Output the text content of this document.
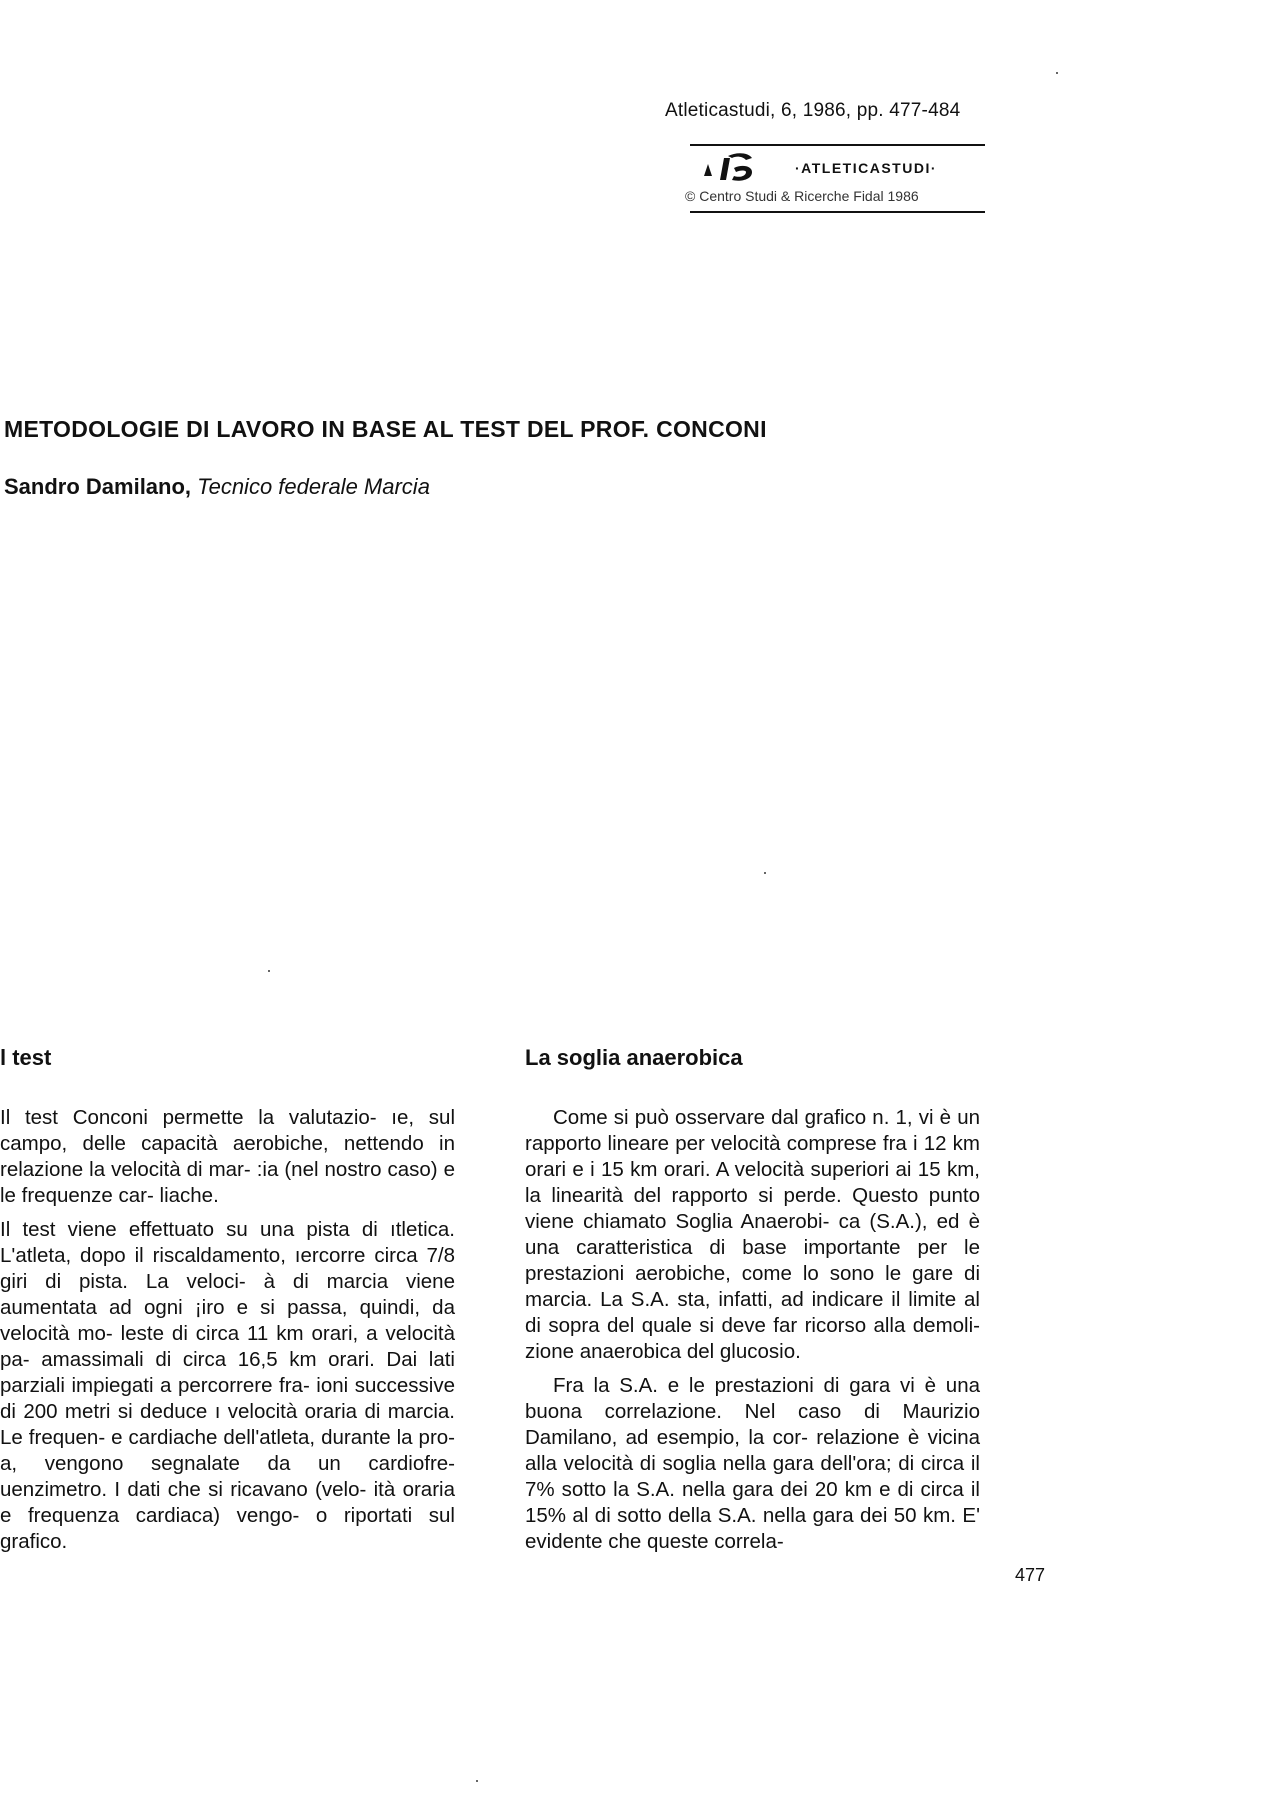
Atleticastudi, 6, 1986, pp. 477-484
·ATLETICASTUDI·
© Centro Studi & Ricerche Fidal 1986
METODOLOGIE DI LAVORO IN BASE AL TEST DEL PROF. CONCONI
Sandro Damilano, Tecnico federale Marcia
l test

Il test Conconi permette la valutazio- ıe, sul campo, delle capacità aerobiche, nettendo in relazione la velocità di mar- :ia (nel nostro caso) e le frequenze car- liache.

Il test viene effettuato su una pista di ıtletica. L'atleta, dopo il riscaldamento, ıercorre circa 7/8 giri di pista. La veloci- à di marcia viene aumentata ad ogni ¡iro e si passa, quindi, da velocità mo- leste di circa 11 km orari, a velocità pa- amassimali di circa 16,5 km orari. Dai lati parziali impiegati a percorrere fra- ioni successive di 200 metri si deduce ı velocità oraria di marcia. Le frequen- e cardiache dell'atleta, durante la pro- a, vengono segnalate da un cardiofre- uenzimetro. I dati che si ricavano (velo- ità oraria e frequenza cardiaca) vengo- o riportati sul grafico.

La soglia anaerobica

Come si può osservare dal grafico n. 1, vi è un rapporto lineare per velocità comprese fra i 12 km orari e i 15 km orari. A velocità superiori ai 15 km, la linearità del rapporto si perde. Questo punto viene chiamato Soglia Anaerobi- ca (S.A.), ed è una caratteristica di base importante per le prestazioni aerobiche, come lo sono le gare di marcia. La S.A. sta, infatti, ad indicare il limite al di sopra del quale si deve far ricorso alla demoli- zione anaerobica del glucosio.

Fra la S.A. e le prestazioni di gara vi è una buona correlazione. Nel caso di Maurizio Damilano, ad esempio, la cor- relazione è vicina alla velocità di soglia nella gara dell'ora; di circa il 7% sotto la S.A. nella gara dei 20 km e di circa il 15% al di sotto della S.A. nella gara dei 50 km. E' evidente che queste correla-

477
